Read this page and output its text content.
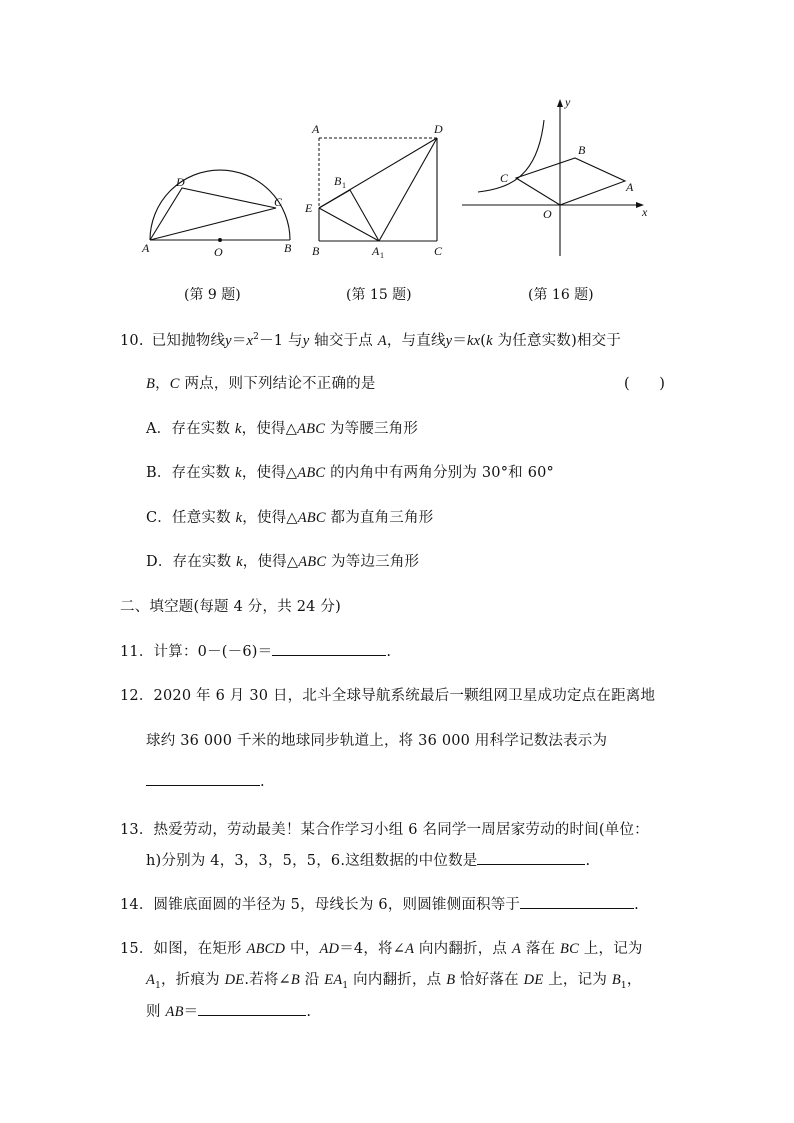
A	B
C
D
O
(第 9 题)
A	D
B 1
E
B	A 1	C
(第 15 题)
y
x
B
C
A
O
(第 16 题)
10. 已知抛物线$y=x^2-1$ 与y 轴交于点 A，与直线y＝kx(k 为任意实数)相交于
B，C 两点，则下列结论不正确的是	(　　)
A．存在实数 k，使得△ABC 为等腰三角形
B．存在实数 k，使得△ABC 的内角中有两角分别为 30°和 60°
C．任意实数 k，使得△ABC 都为直角三角形
D．存在实数 k，使得△ABC 为等边三角形
二、填空题(每题 4 分，共 24 分)
11．计算：0－(－6)＝	.
12．2020 年 6 月 30 日，北斗全球导航系统最后一颗组网卫星成功定点在距离地
球约 36 000 千米的地球同步轨道上，将 36 000 用科学记数法表示为
.
13．热爱劳动，劳动最美！某合作学习小组 6 名同学一周居家劳动的时间(单位：
h)分别为 4，3，3，5，5，6.这组数据的中位数是	.
14．圆锥底面圆的半径为 5，母线长为 6，则圆锥侧面积等于	.
15．如图，在矩形 ABCD 中，AD＝4，将∠A 向内翻折，点 A 落在 BC 上，记为
$A_1$，折痕为 DE.若将∠B 沿 $EA_1$ 向内翻折，点 B 恰好落在 DE 上，记为 $B_1$，
则 AB＝	.
